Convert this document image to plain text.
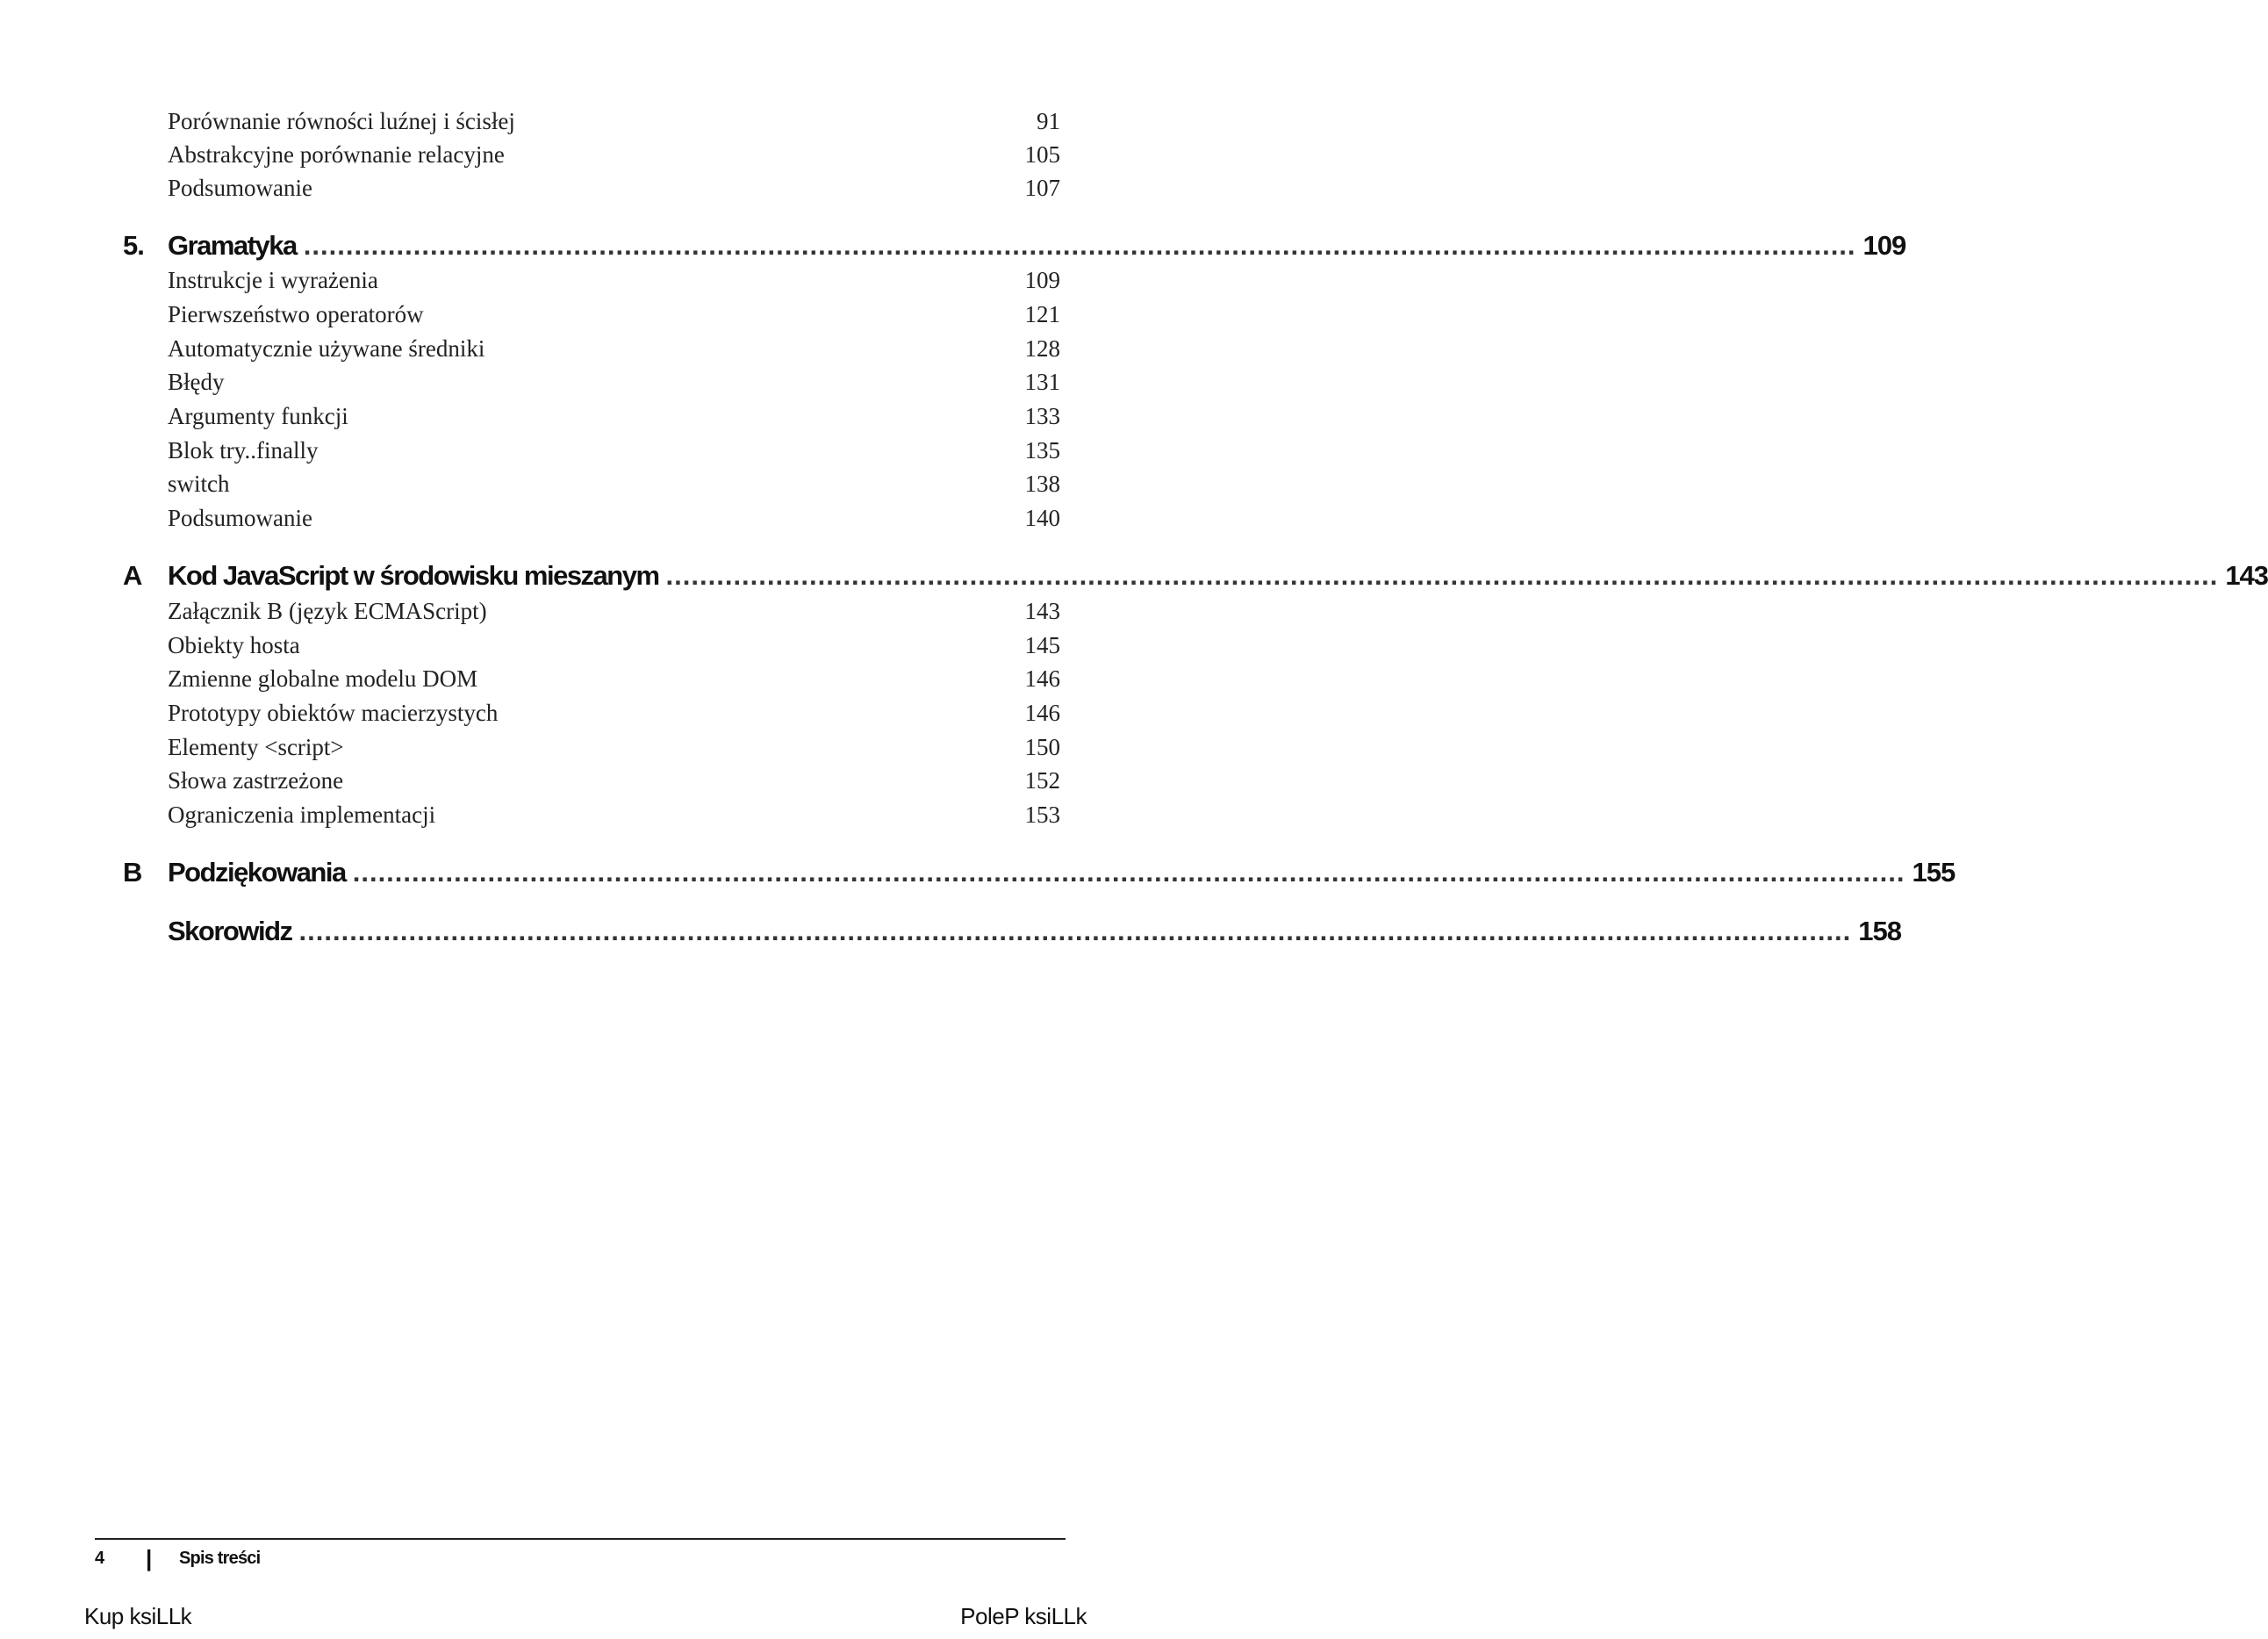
Porównanie równości luźnej i ścisłej	91
Abstrakcyjne porównanie relacyjne	105
Podsumowanie	107
5. Gramatyka ........................................................................................................................................................................................ 109
Instrukcje i wyrażenia	109
Pierwszeństwo operatorów	121
Automatycznie używane średniki	128
Błędy	131
Argumenty funkcji	133
Blok try..finally	135
switch	138
Podsumowanie	140
A Kod JavaScript w środowisku mieszanym ........................................................................................................................................................................................ 143
Załącznik B (język ECMAScript)	143
Obiekty hosta	145
Zmienne globalne modelu DOM	146
Prototypy obiektów macierzystych	146
Elementy <script>	150
Słowa zastrzeżone	152
Ograniczenia implementacji	153
B Podziękowania ........................................................................................................................................................................................ 155
Skorowidz ........................................................................................................................................................................................ 158
4	|	Spis treści
Kup ksiLLk	PoleP ksiLLk
